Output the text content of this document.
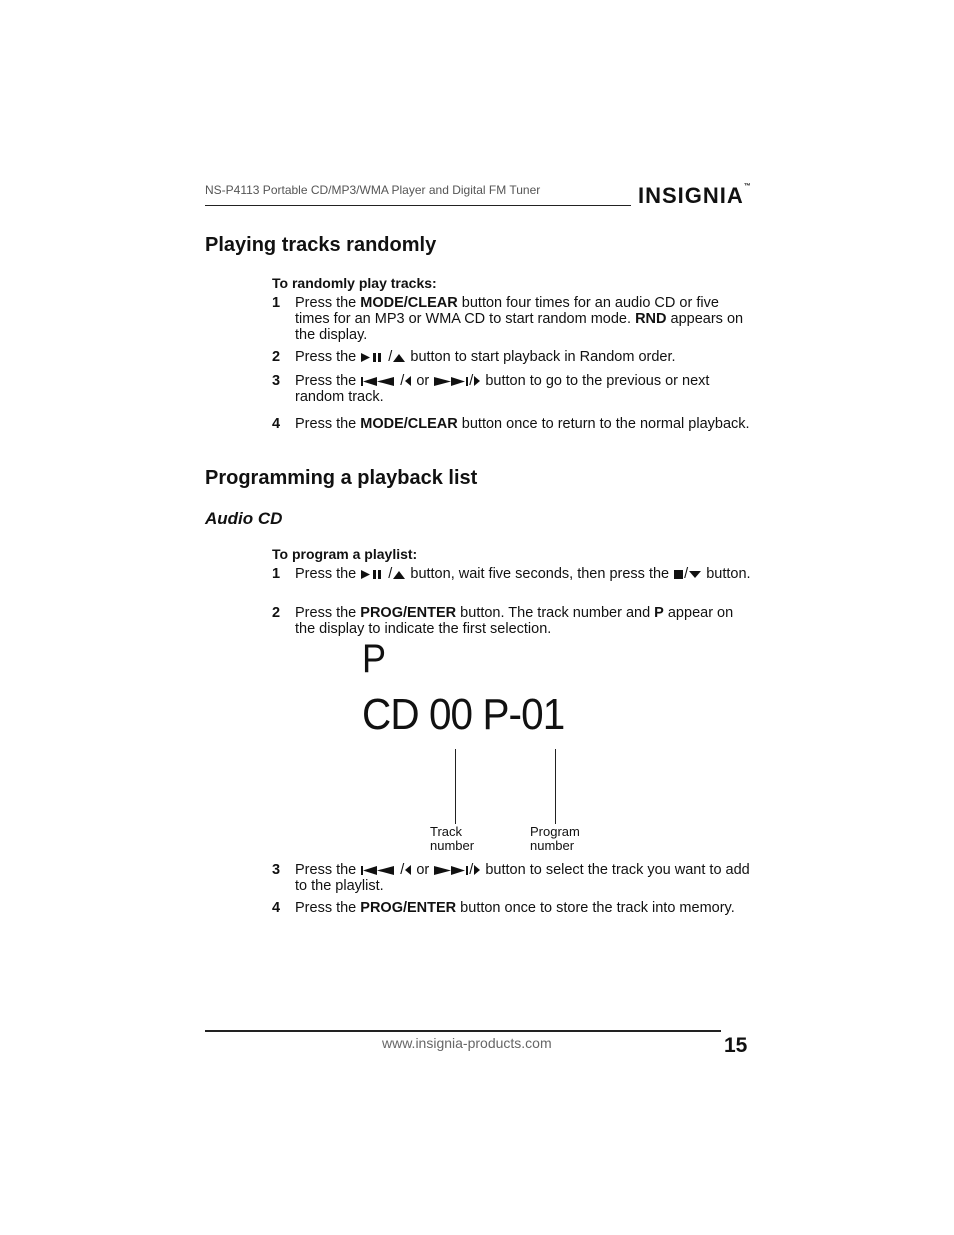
NS-P4113 Portable CD/MP3/WMA Player and Digital FM Tuner	INSIGNIA™
Playing tracks randomly
To randomly play tracks:
1 Press the MODE/CLEAR button four times for an audio CD or five times for an MP3 or WMA CD to start random mode. RND appears on the display.
2 Press the
/
button to start playback in Random order.
3 Press the
/
or
/
button to go to the previous or next random track.
4 Press the MODE/CLEAR button once to return to the normal playback.
Programming a playback list
Audio CD
To program a playlist:
1 Press the
/
button, wait five seconds, then press the
/
button.
2 Press the PROG/ENTER button. The track number and P appear on the display to indicate the first selection.
P
CD 00 P-01
Track
number
Program
number
3 Press the
/
or
/
button to select the track you want to add to the playlist.
4 Press the PROG/ENTER button once to store the track into memory.
www.insignia-products.com	15
